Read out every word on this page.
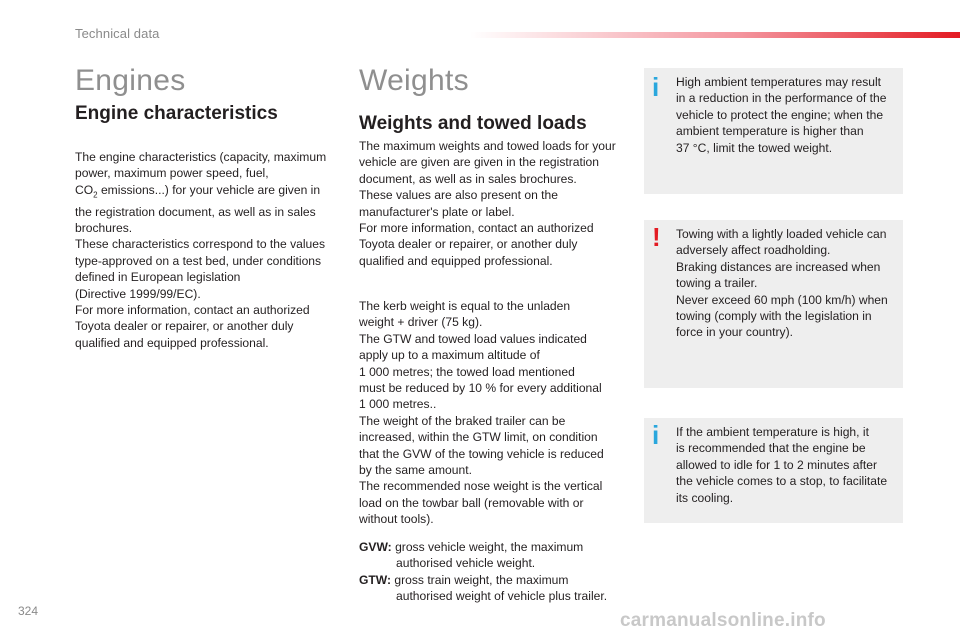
Technical data
Engines
Engine characteristics

The engine characteristics (capacity, maximum
power, maximum power speed, fuel,
$CO_2$ emissions...) for your vehicle are given in
the registration document, as well as in sales
brochures.
These characteristics correspond to the values
type-approved on a test bed, under conditions
defined in European legislation
(Directive 1999/99/EC).
For more information, contact an authorized
Toyota dealer or repairer, or another duly
qualified and equipped professional.

Weights
Weights and towed loads

The maximum weights and towed loads for your
vehicle are given are given in the registration
document, as well as in sales brochures.
These values are also present on the
manufacturer's plate or label.
For more information, contact an authorized
Toyota dealer or repairer, or another duly
qualified and equipped professional.

The kerb weight is equal to the unladen
weight + driver (75 kg).
The GTW and towed load values indicated
apply up to a maximum altitude of
1 000 metres; the towed load mentioned
must be reduced by 10 % for every additional
1 000 metres..
The weight of the braked trailer can be
increased, within the GTW limit, on condition
that the GVW of the towing vehicle is reduced
by the same amount.
The recommended nose weight is the vertical
load on the towbar ball (removable with or
without tools).

GVW: gross vehicle weight, the maximum
authorised vehicle weight.
GTW: gross train weight, the maximum
authorised weight of vehicle plus trailer.
i High ambient temperatures may result
in a reduction in the performance of the
vehicle to protect the engine; when the
ambient temperature is higher than
37 °C, limit the towed weight.
! Towing with a lightly loaded vehicle can
adversely affect roadholding.
Braking distances are increased when
towing a trailer.
Never exceed 60 mph (100 km/h) when
towing (comply with the legislation in
force in your country).
i If the ambient temperature is high, it
is recommended that the engine be
allowed to idle for 1 to 2 minutes after
the vehicle comes to a stop, to facilitate
its cooling.
324	carmanualsonline.info
